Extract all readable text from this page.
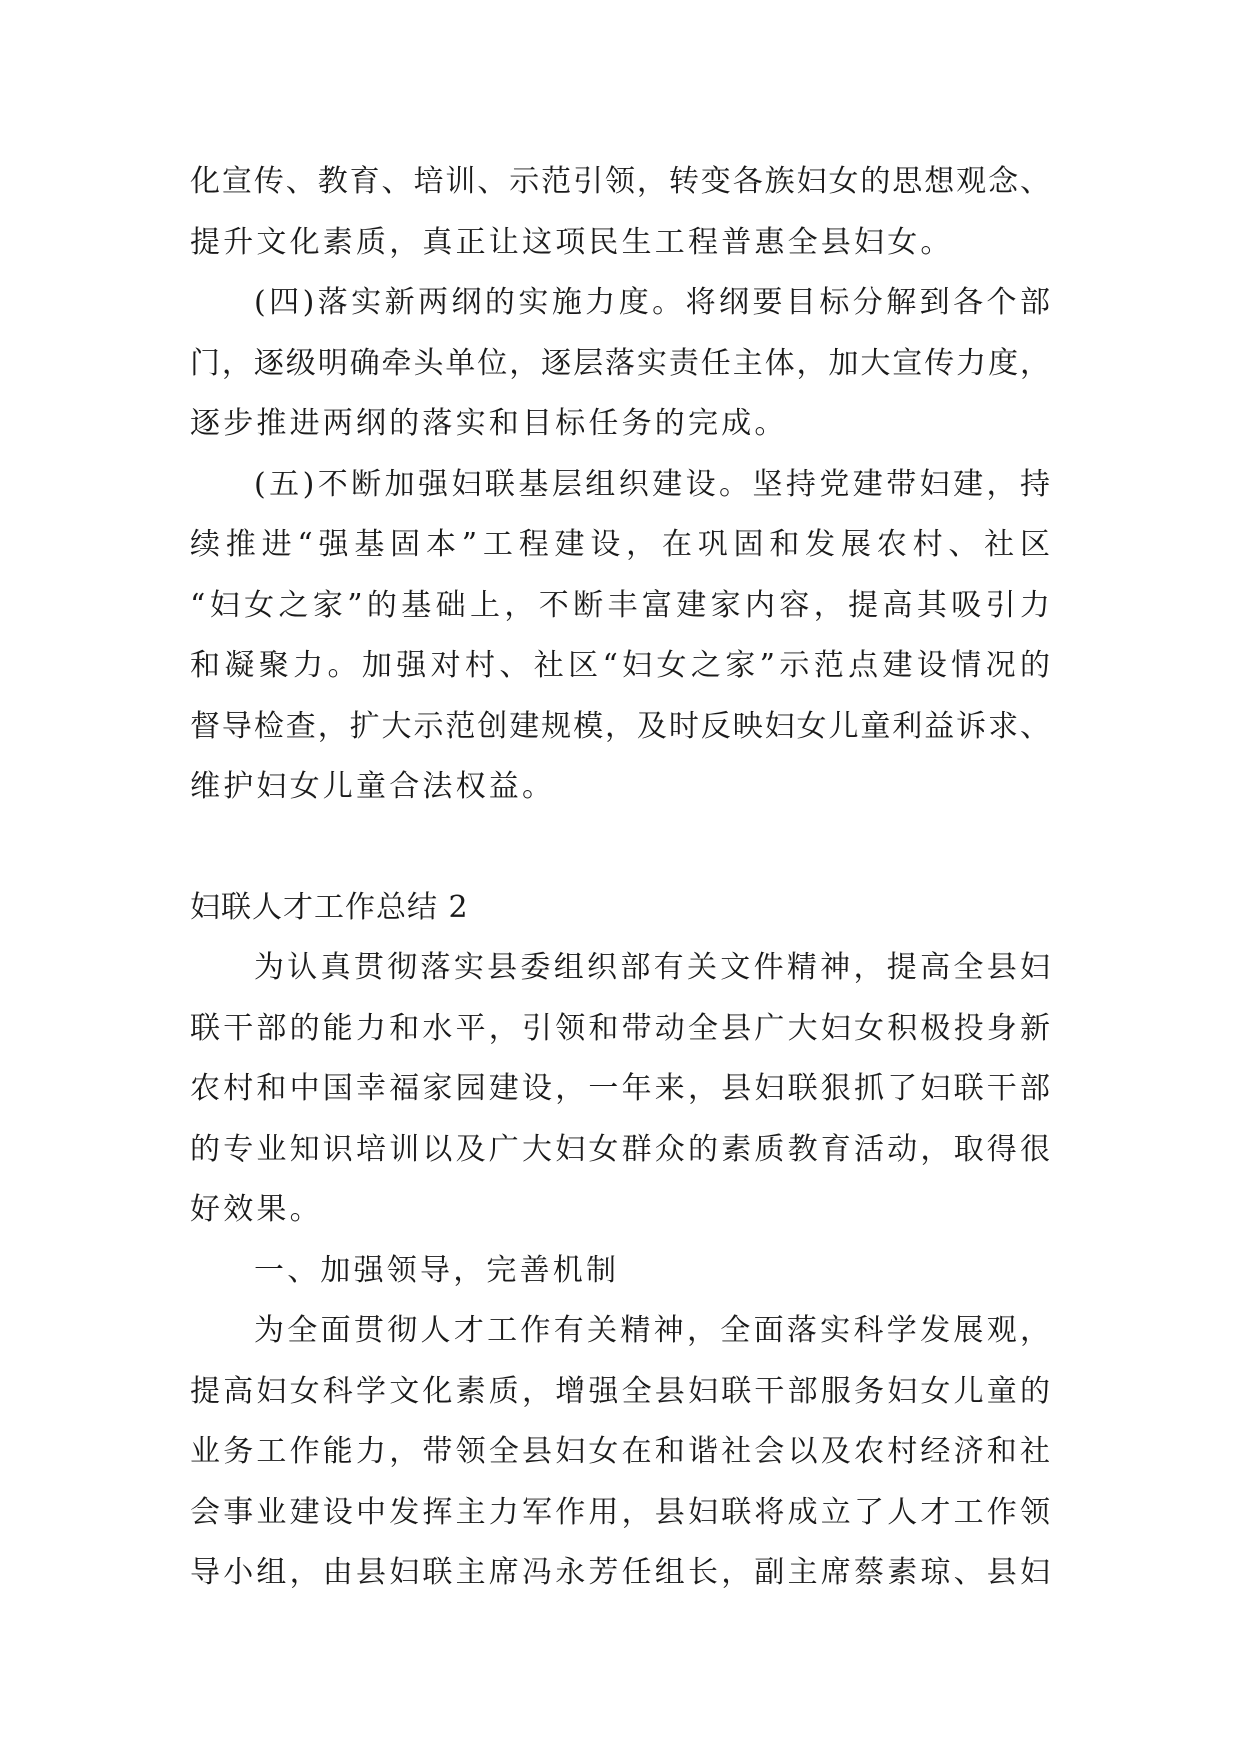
化宣传、教育、培训、示范引领，转变各族妇女的思想观念、
提升文化素质，真正让这项民生工程普惠全县妇女。
(四)落实新两纲的实施力度。将纲要目标分解到各个部
门，逐级明确牵头单位，逐层落实责任主体，加大宣传力度，
逐步推进两纲的落实和目标任务的完成。
(五)不断加强妇联基层组织建设。坚持党建带妇建，持
续推进“强基固本”工程建设，在巩固和发展农村、社区
“妇女之家”的基础上，不断丰富建家内容，提高其吸引力
和凝聚力。加强对村、社区“妇女之家”示范点建设情况的
督导检查，扩大示范创建规模，及时反映妇女儿童利益诉求、
维护妇女儿童合法权益。
妇联人才工作总结 2
为认真贯彻落实县委组织部有关文件精神，提高全县妇
联干部的能力和水平，引领和带动全县广大妇女积极投身新
农村和中国幸福家园建设，一年来，县妇联狠抓了妇联干部
的专业知识培训以及广大妇女群众的素质教育活动，取得很
好效果。
一、加强领导，完善机制
为全面贯彻人才工作有关精神，全面落实科学发展观，
提高妇女科学文化素质，增强全县妇联干部服务妇女儿童的
业务工作能力，带领全县妇女在和谐社会以及农村经济和社
会事业建设中发挥主力军作用，县妇联将成立了人才工作领
导小组，由县妇联主席冯永芳任组长，副主席蔡素琼、县妇
